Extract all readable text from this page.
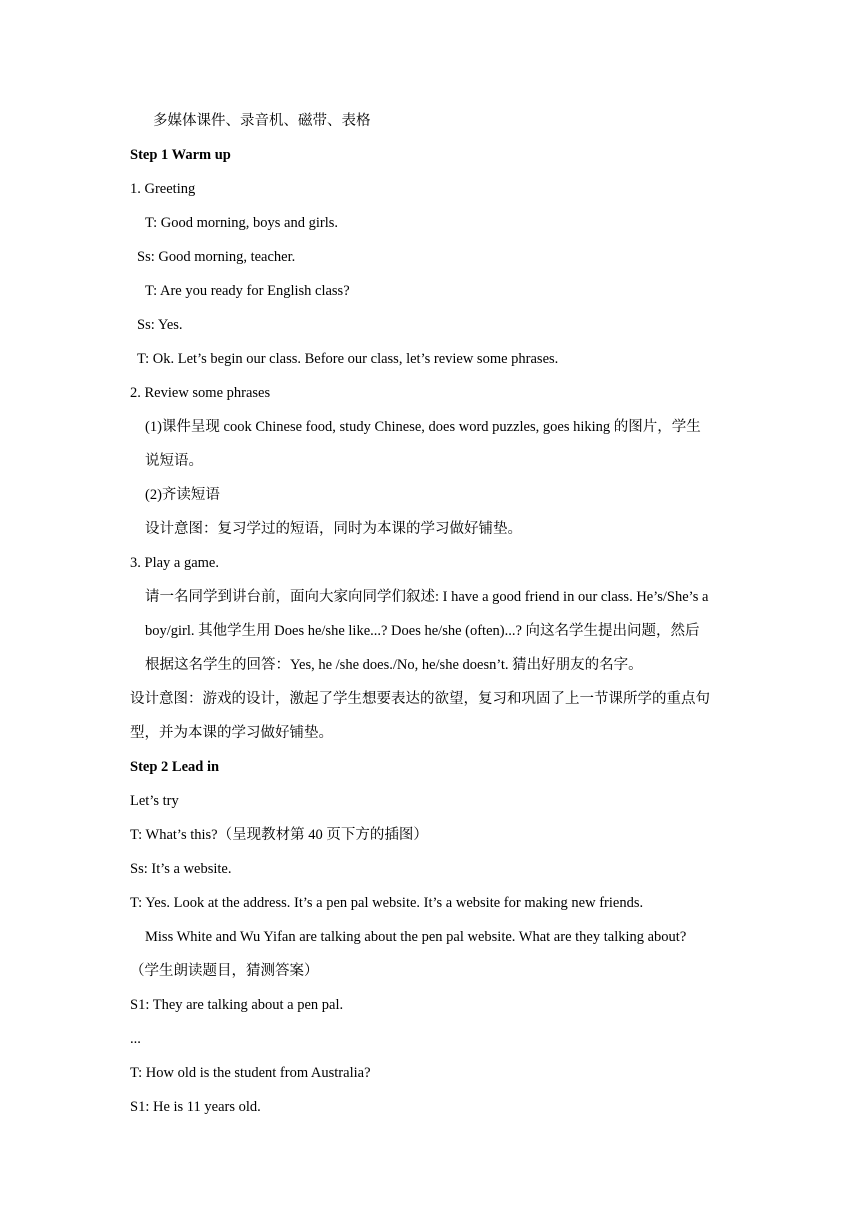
多媒体课件、录音机、磁带、表格
Step 1 Warm up
1. Greeting
T: Good morning, boys and girls.
Ss: Good morning, teacher.
T: Are you ready for English class?
Ss: Yes.
T: Ok. Let’s begin our class. Before our class, let’s review some phrases.
2. Review some phrases
(1)课件呈现 cook Chinese food, study Chinese, does word puzzles, goes hiking 的图片，学生
说短语。
(2)齐读短语
设计意图：复习学过的短语，同时为本课的学习做好铺垫。
3. Play a game.
请一名同学到讲台前，面向大家向同学们叙述: I have a good friend in our class. He’s/She’s a
boy/girl. 其他学生用 Does he/she like...? Does he/she (often)...? 向这名学生提出问题，然后
根据这名学生的回答：Yes, he /she does./No, he/she doesn’t. 猜出好朋友的名字。
设计意图：游戏的设计，激起了学生想要表达的欲望，复习和巩固了上一节课所学的重点句
型，并为本课的学习做好铺垫。
Step 2 Lead in
Let’s try
T: What’s this?（呈现教材第 40 页下方的插图）
Ss: It’s a website.
T: Yes. Look at the address. It’s a pen pal website. It’s a website for making new friends.
Miss White and Wu Yifan are talking about the pen pal website. What are they talking about?
（学生朗读题目，猜测答案）
S1: They are talking about a pen pal.
...
T: How old is the student from Australia?
S1: He is 11 years old.
